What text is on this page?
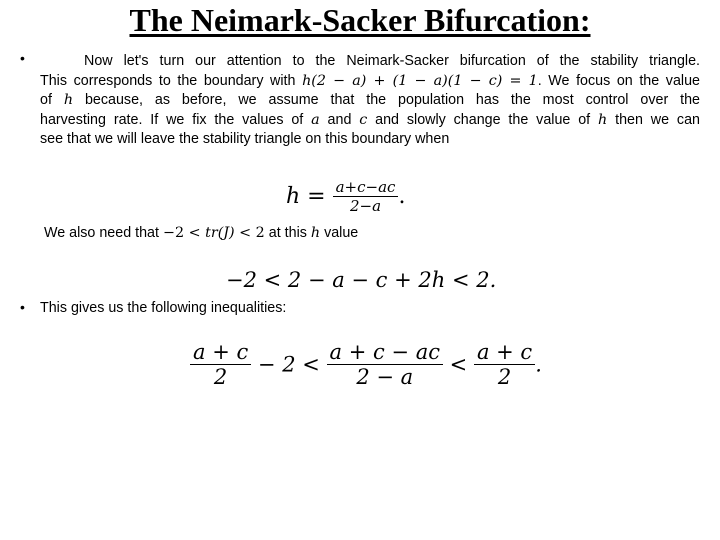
The Neimark-Sacker Bifurcation:
•	Now let's turn our attention to the Neimark-Sacker bifurcation of the stability triangle.
This corresponds to the boundary with h(2 − a) + (1 − a)(1 − c) = 1. We focus on the value
of h because, as before, we assume that the population has the most control over the
harvesting rate. If we fix the values of a and c and slowly change the value of h then we can
see that we will leave the stability triangle on this boundary when
$h = \frac{a+c-ac}{2-a}$ .
We also need that −2 < tr(J) < 2 at this h value
−2 < 2 − a − c + 2h < 2.
•	This gives us the following inequalities:
$\frac{a + c}{2} - 2 < \frac{a + c - ac}{2 - a} < \frac{a + c}{2}$ .
